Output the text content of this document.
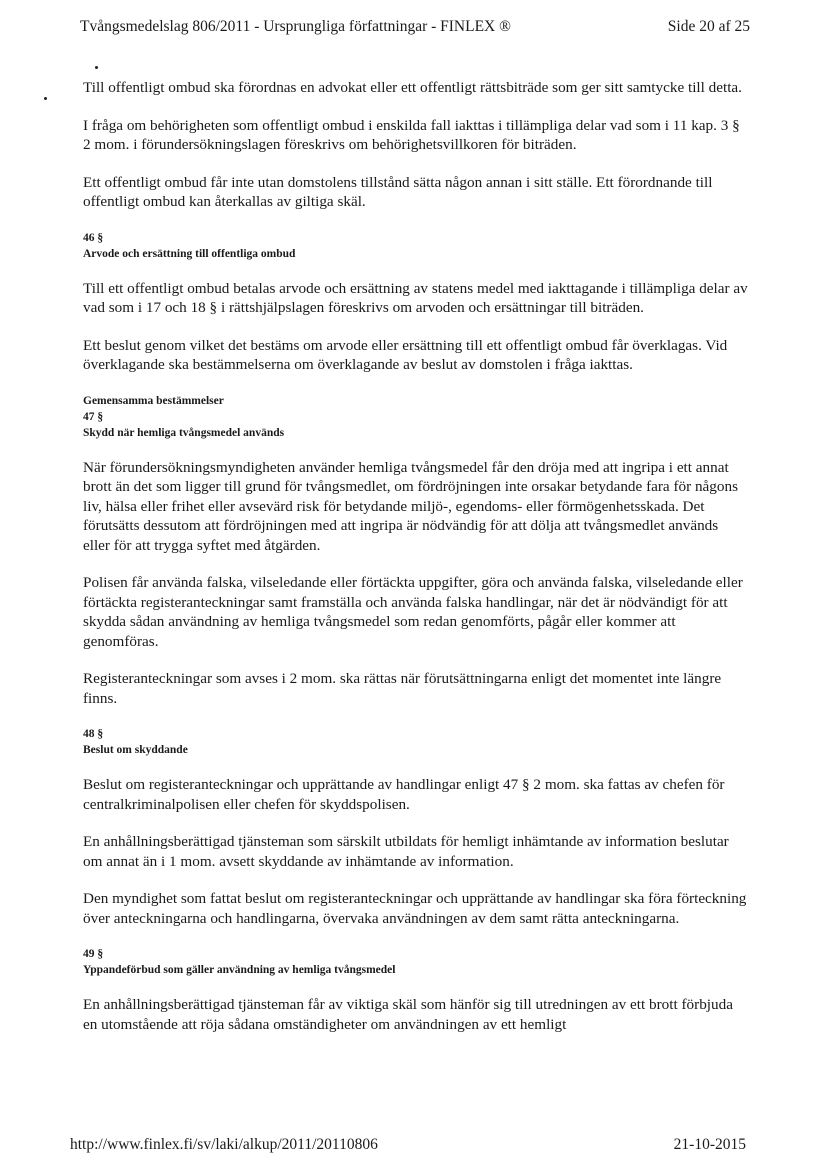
Tvångsmedelslag 806/2011 - Ursprungliga författningar - FINLEX ®	Side 20 af 25

Till offentligt ombud ska förordnas en advokat eller ett offentligt rättsbiträde som ger sitt samtycke till detta.

I fråga om behörigheten som offentligt ombud i enskilda fall iakttas i tillämpliga delar vad som i 11 kap. 3 § 2 mom. i förundersökningslagen föreskrivs om behörighetsvillkoren för biträden.

Ett offentligt ombud får inte utan domstolens tillstånd sätta någon annan i sitt ställe. Ett förordnande till offentligt ombud kan återkallas av giltiga skäl.

46 §
Arvode och ersättning till offentliga ombud

Till ett offentligt ombud betalas arvode och ersättning av statens medel med iakttagande i tillämpliga delar av vad som i 17 och 18 § i rättshjälpslagen föreskrivs om arvoden och ersättningar till biträden.

Ett beslut genom vilket det bestäms om arvode eller ersättning till ett offentligt ombud får överklagas. Vid överklagande ska bestämmelserna om överklagande av beslut av domstolen i fråga iakttas.

Gemensamma bestämmelser
47 §
Skydd när hemliga tvångsmedel används

När förundersökningsmyndigheten använder hemliga tvångsmedel får den dröja med att ingripa i ett annat brott än det som ligger till grund för tvångsmedlet, om fördröjningen inte orsakar betydande fara för någons liv, hälsa eller frihet eller avsevärd risk för betydande miljö-, egendoms- eller förmögenhetsskada. Det förutsätts dessutom att fördröjningen med att ingripa är nödvändig för att dölja att tvångsmedlet används eller för att trygga syftet med åtgärden.

Polisen får använda falska, vilseledande eller förtäckta uppgifter, göra och använda falska, vilseledande eller förtäckta registeranteckningar samt framställa och använda falska handlingar, när det är nödvändigt för att skydda sådan användning av hemliga tvångsmedel som redan genomförts, pågår eller kommer att genomföras.

Registeranteckningar som avses i 2 mom. ska rättas när förutsättningarna enligt det momentet inte längre finns.

48 §
Beslut om skyddande

Beslut om registeranteckningar och upprättande av handlingar enligt 47 § 2 mom. ska fattas av chefen för centralkriminalpolisen eller chefen för skyddspolisen.

En anhållningsberättigad tjänsteman som särskilt utbildats för hemligt inhämtande av information beslutar om annat än i 1 mom. avsett skyddande av inhämtande av information.

Den myndighet som fattat beslut om registeranteckningar och upprättande av handlingar ska föra förteckning över anteckningarna och handlingarna, övervaka användningen av dem samt rätta anteckningarna.

49 §
Yppandeförbud som gäller användning av hemliga tvångsmedel

En anhållningsberättigad tjänsteman får av viktiga skäl som hänför sig till utredningen av ett brott förbjuda en utomstående att röja sådana omständigheter om användningen av ett hemligt

http://www.finlex.fi/sv/laki/alkup/2011/20110806	21-10-2015
